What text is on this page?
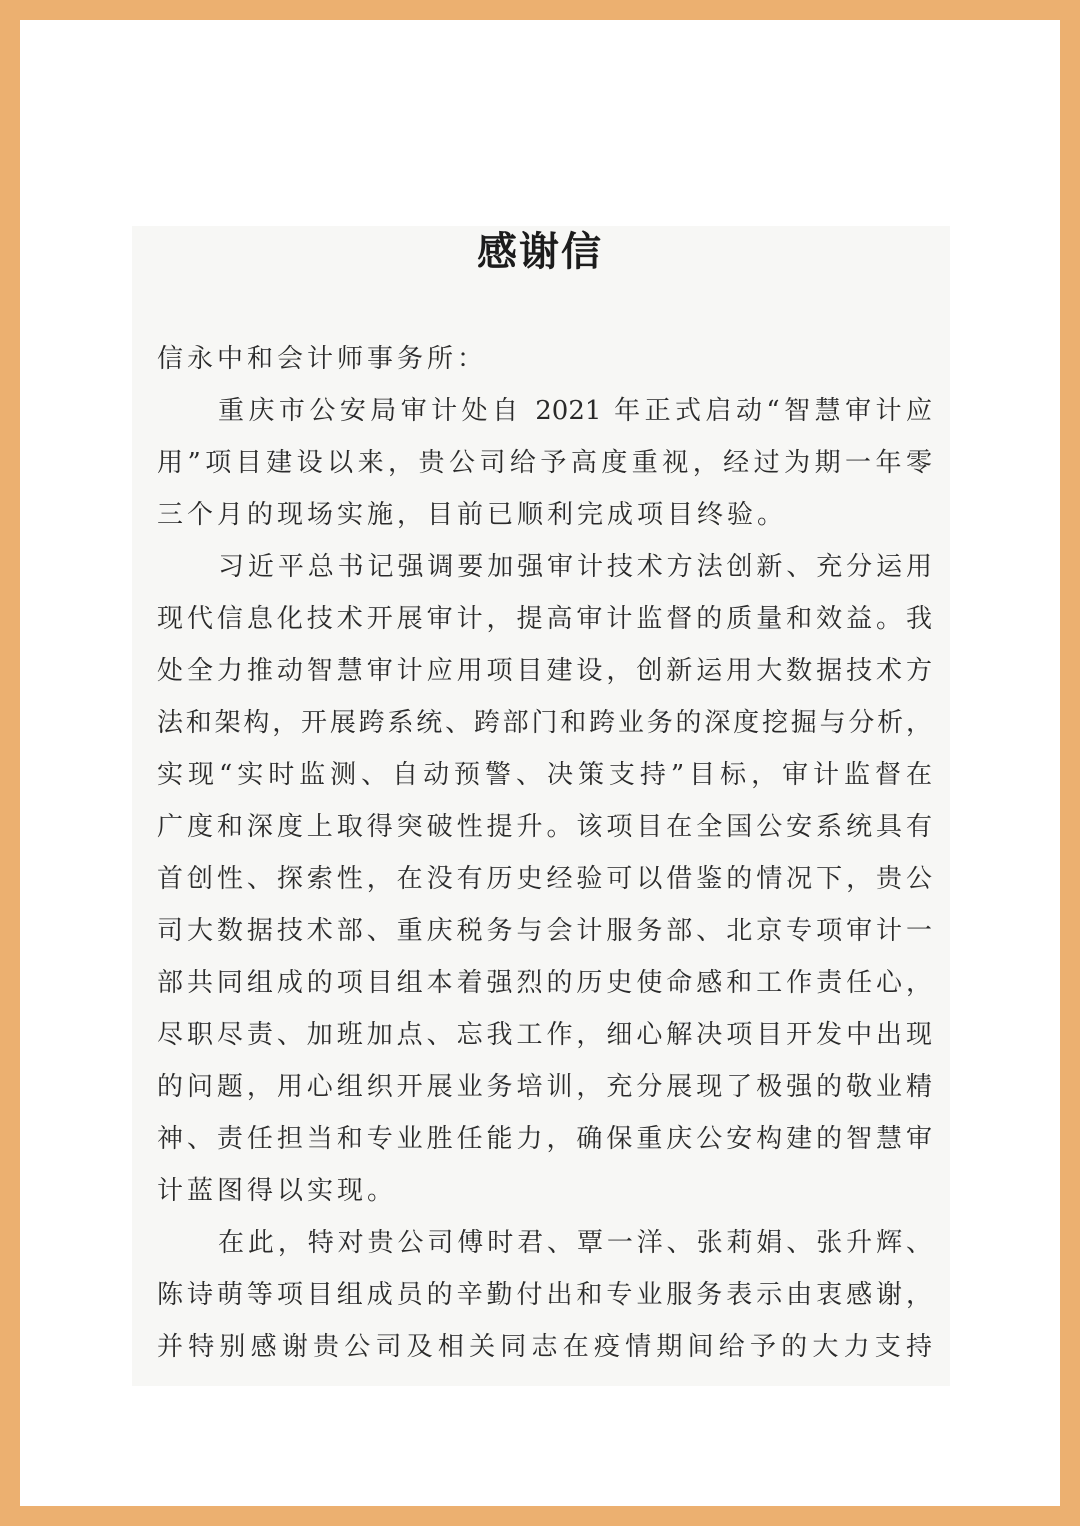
感谢信
信永中和会计师事务所：
重庆市公安局审计处自 2021 年正式启动“智慧审计应
用”项目建设以来，贵公司给予高度重视，经过为期一年零
三个月的现场实施，目前已顺利完成项目终验。
习近平总书记强调要加强审计技术方法创新、充分运用
现代信息化技术开展审计，提高审计监督的质量和效益。我
处全力推动智慧审计应用项目建设，创新运用大数据技术方
法和架构，开展跨系统、跨部门和跨业务的深度挖掘与分析，
实现“实时监测、自动预警、决策支持”目标，审计监督在
广度和深度上取得突破性提升。该项目在全国公安系统具有
首创性、探索性，在没有历史经验可以借鉴的情况下，贵公
司大数据技术部、重庆税务与会计服务部、北京专项审计一
部共同组成的项目组本着强烈的历史使命感和工作责任心，
尽职尽责、加班加点、忘我工作，细心解决项目开发中出现
的问题，用心组织开展业务培训，充分展现了极强的敬业精
神、责任担当和专业胜任能力，确保重庆公安构建的智慧审
计蓝图得以实现。
在此，特对贵公司傅时君、覃一洋、张莉娟、张升辉、
陈诗萌等项目组成员的辛勤付出和专业服务表示由衷感谢，
并特别感谢贵公司及相关同志在疫情期间给予的大力支持
